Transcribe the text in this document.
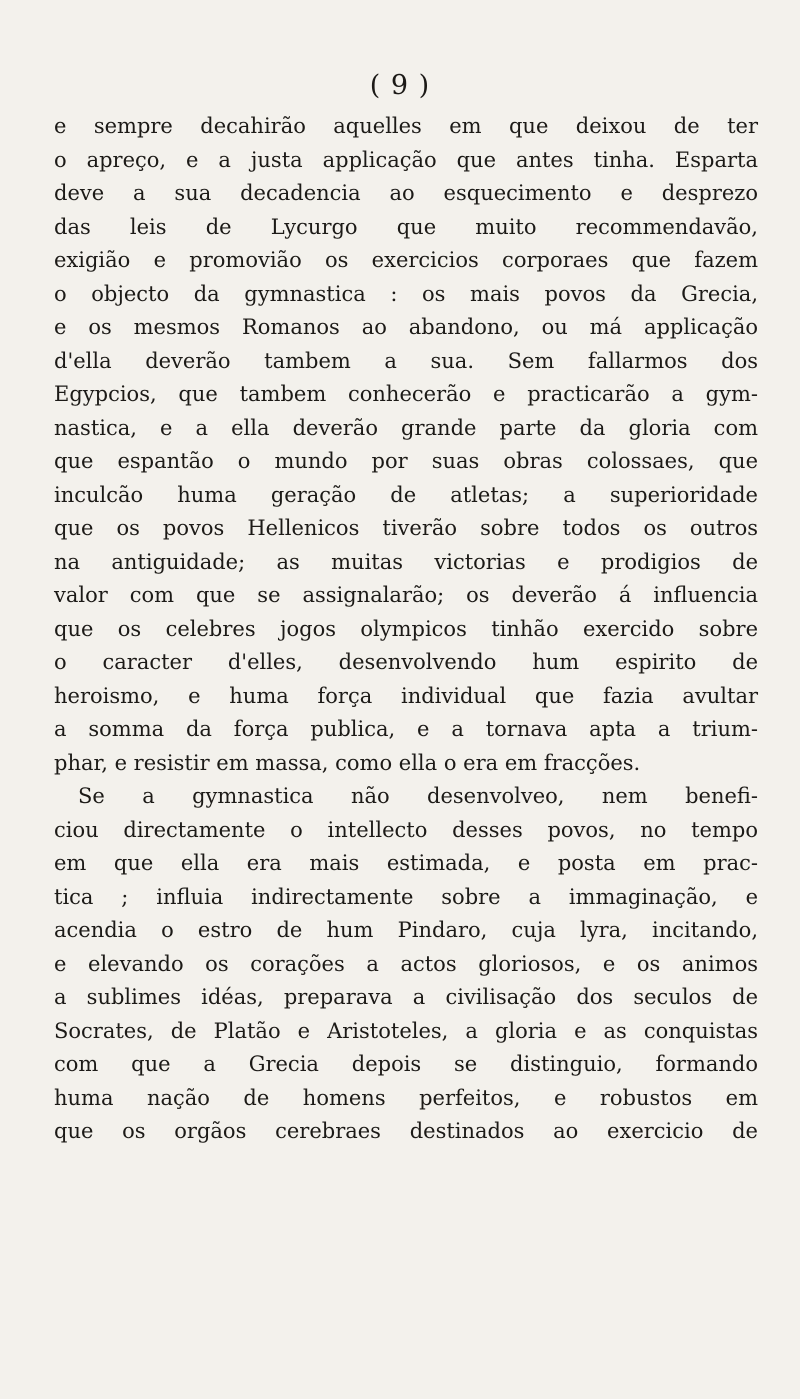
( 9 )
e sempre decahirão aquelles em que deixou de ter
o apreço, e a justa applicação que antes tinha. Esparta
deve a sua decadencia ao esquecimento e desprezo
das leis de Lycurgo que muito recommendavão,
exigião e promovião os exercicios corporaes que fazem
o objecto da gymnastica : os mais povos da Grecia,
e os mesmos Romanos ao abandono, ou má applicação
d'ella deverão tambem a sua. Sem fallarmos dos
Egypcios, que tambem conhecerão e practicarão a gym-
nastica, e a ella deverão grande parte da gloria com
que espantão o mundo por suas obras colossaes, que
inculcão huma geração de atletas; a superioridade
que os povos Hellenicos tiverão sobre todos os outros
na antiguidade; as muitas victorias e prodigios de
valor com que se assignalarão; os deverão á influencia
que os celebres jogos olympicos tinhão exercido sobre
o caracter d'elles, desenvolvendo hum espirito de
heroismo, e huma força individual que fazia avultar
a somma da força publica, e a tornava apta a trium-
phar, e resistir em massa, como ella o era em fracções.
Se a gymnastica não desenvolveo, nem benefi-
ciou directamente o intellecto desses povos, no tempo
em que ella era mais estimada, e posta em prac-
tica ; influia indirectamente sobre a immaginação, e
acendia o estro de hum Pindaro, cuja lyra, incitando,
e elevando os corações a actos gloriosos, e os animos
a sublimes idéas, preparava a civilisação dos seculos de
Socrates, de Platão e Aristoteles, a gloria e as conquistas
com que a Grecia depois se distinguio, formando
huma nação de homens perfeitos, e robustos em
que os orgãos cerebraes destinados ao exercicio de
